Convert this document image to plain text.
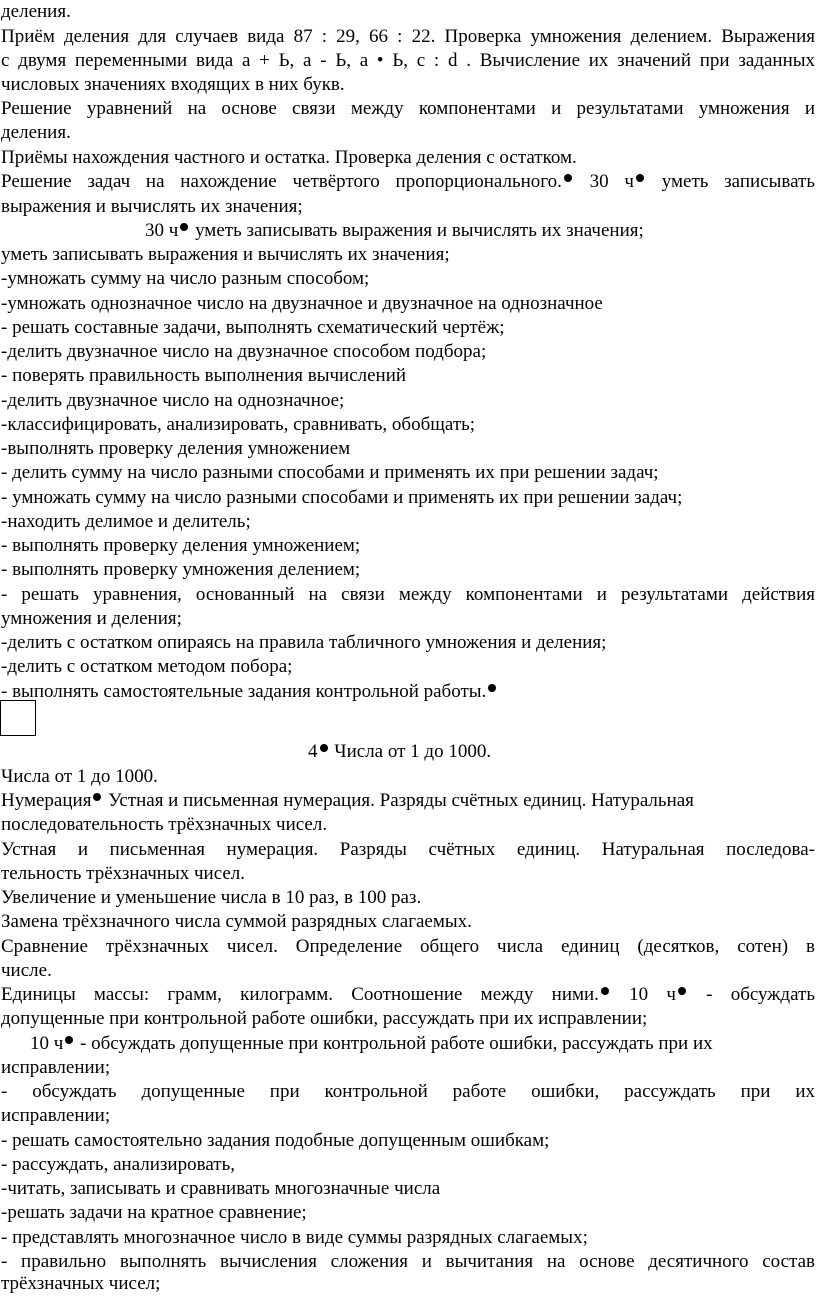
деления.
Приём деления для случаев вида 87 : 29, 66 : 22. Проверка умножения делением. Выражения
с двумя переменными вида а + Ь, а - Ь, а • Ь, с : d . Вычисление их значений при заданных
числовых значениях входящих в них букв.
Решение уравнений на основе связи между компонентами и результатами умножения и
деления.
Приёмы нахождения частного и остатка. Проверка деления с остатком.
Решение задач на нахождение четвёртого пропорционального. 30 ч уметь записывать
выражения и вычислять их значения;
30 ч уметь записывать выражения и вычислять их значения;
уметь записывать выражения и вычислять их значения;
-умножать сумму на число разным способом;
-умножать однозначное число на двузначное и двузначное на однозначное
- решать составные задачи, выполнять схематический чертёж;
-делить двузначное число на двузначное способом подбора;
- поверять правильность выполнения вычислений
-делить двузначное число на однозначное;
-классифицировать, анализировать, сравнивать, обобщать;
-выполнять проверку деления умножением
- делить сумму на число разными способами и применять их при решении задач;
- умножать сумму на число разными способами и применять их при решении задач;
-находить делимое и делитель;
- выполнять проверку деления умножением;
- выполнять проверку умножения делением;
- решать уравнения, основанный на связи между компонентами и результатами действия
умножения и деления;
-делить с остатком опираясь на правила табличного умножения и деления;
-делить с остатком методом побора;
- выполнять самостоятельные задания контрольной работы.
4 Числа от 1 до 1000.
Числа от 1 до 1000.
Нумерация Устная и письменная нумерация. Разряды счётных единиц. Натуральная
последовательность трёхзначных чисел.
Устная и письменная нумерация. Разряды счётных единиц. Натуральная последова-
тельность трёхзначных чисел.
Увеличение и уменьшение числа в 10 раз, в 100 раз.
Замена трёхзначного числа суммой разрядных слагаемых.
Сравнение трёхзначных чисел. Определение общего числа единиц (десятков, сотен) в
числе.
Единицы массы: грамм, килограмм. Соотношение между ними. 10 ч - обсуждать
допущенные при контрольной работе ошибки, рассуждать при их исправлении;
10 ч - обсуждать допущенные при контрольной работе ошибки, рассуждать при их
исправлении;
- обсуждать допущенные при контрольной работе ошибки, рассуждать при их
исправлении;
- решать самостоятельно задания подобные допущенным ошибкам;
- рассуждать, анализировать,
-читать, записывать и сравнивать многозначные числа
-решать задачи на кратное сравнение;
- представлять многозначное число в виде суммы разрядных слагаемых;
- правильно выполнять вычисления сложения и вычитания на основе десятичного состав
трёхзначных чисел;
